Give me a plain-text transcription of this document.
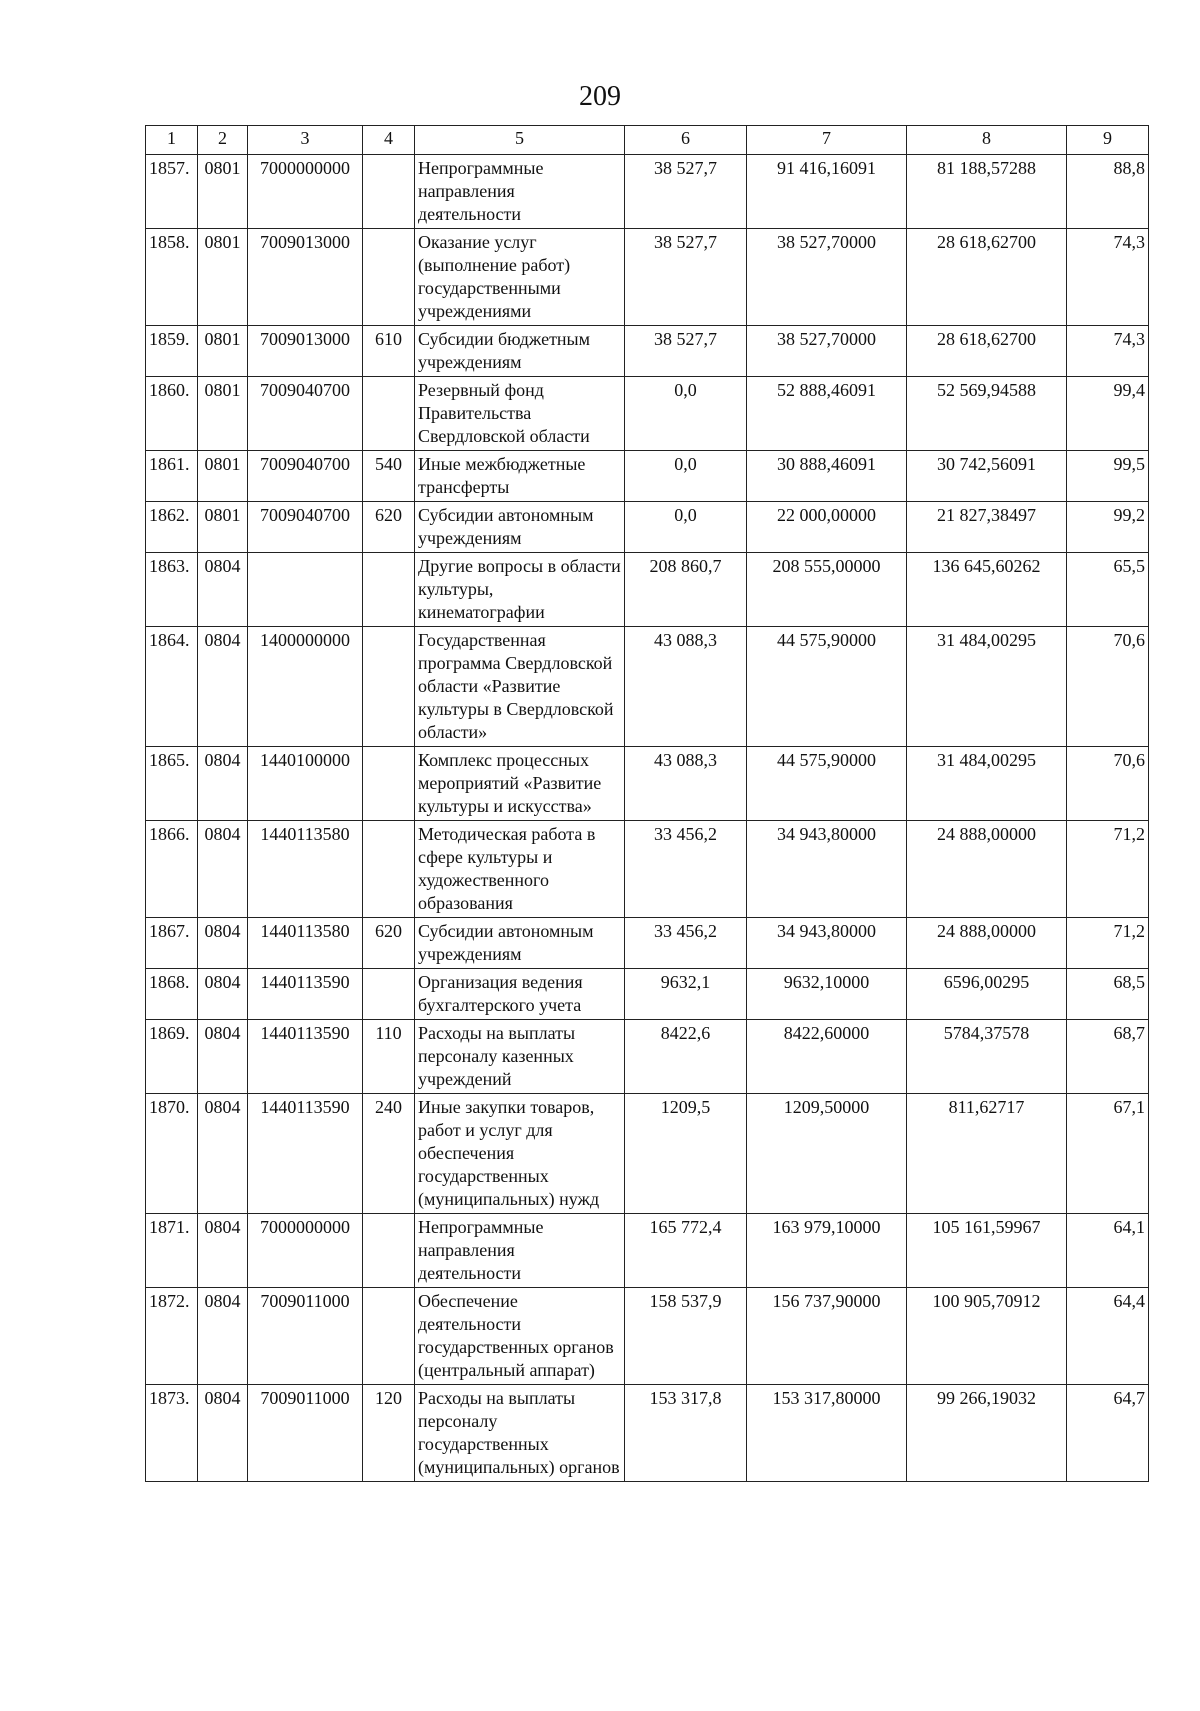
209
1	2	3	4	5	6	7	8	9
1857.	0801	7000000000		Непрограммные направления деятельности	38 527,7	91 416,16091	81 188,57288	88,8
1858.	0801	7009013000		Оказание услуг (выполнение работ) государственными учреждениями	38 527,7	38 527,70000	28 618,62700	74,3
1859.	0801	7009013000	610	Субсидии бюджетным учреждениям	38 527,7	38 527,70000	28 618,62700	74,3
1860.	0801	7009040700		Резервный фонд Правительства Свердловской области	0,0	52 888,46091	52 569,94588	99,4
1861.	0801	7009040700	540	Иные межбюджетные трансферты	0,0	30 888,46091	30 742,56091	99,5
1862.	0801	7009040700	620	Субсидии автономным учреждениям	0,0	22 000,00000	21 827,38497	99,2
1863.	0804			Другие вопросы в области культуры, кинематографии	208 860,7	208 555,00000	136 645,60262	65,5
1864.	0804	1400000000		Государственная программа Свердловской области «Развитие культуры в Свердловской области»	43 088,3	44 575,90000	31 484,00295	70,6
1865.	0804	1440100000		Комплекс процессных мероприятий «Развитие культуры и искусства»	43 088,3	44 575,90000	31 484,00295	70,6
1866.	0804	1440113580		Методическая работа в сфере культуры и художественного образования	33 456,2	34 943,80000	24 888,00000	71,2
1867.	0804	1440113580	620	Субсидии автономным учреждениям	33 456,2	34 943,80000	24 888,00000	71,2
1868.	0804	1440113590		Организация ведения бухгалтерского учета	9632,1	9632,10000	6596,00295	68,5
1869.	0804	1440113590	110	Расходы на выплаты персоналу казенных учреждений	8422,6	8422,60000	5784,37578	68,7
1870.	0804	1440113590	240	Иные закупки товаров, работ и услуг для обеспечения государственных (муниципальных) нужд	1209,5	1209,50000	811,62717	67,1
1871.	0804	7000000000		Непрограммные направления деятельности	165 772,4	163 979,10000	105 161,59967	64,1
1872.	0804	7009011000		Обеспечение деятельности государственных органов (центральный аппарат)	158 537,9	156 737,90000	100 905,70912	64,4
1873.	0804	7009011000	120	Расходы на выплаты персоналу государственных (муниципальных) органов	153 317,8	153 317,80000	99 266,19032	64,7
